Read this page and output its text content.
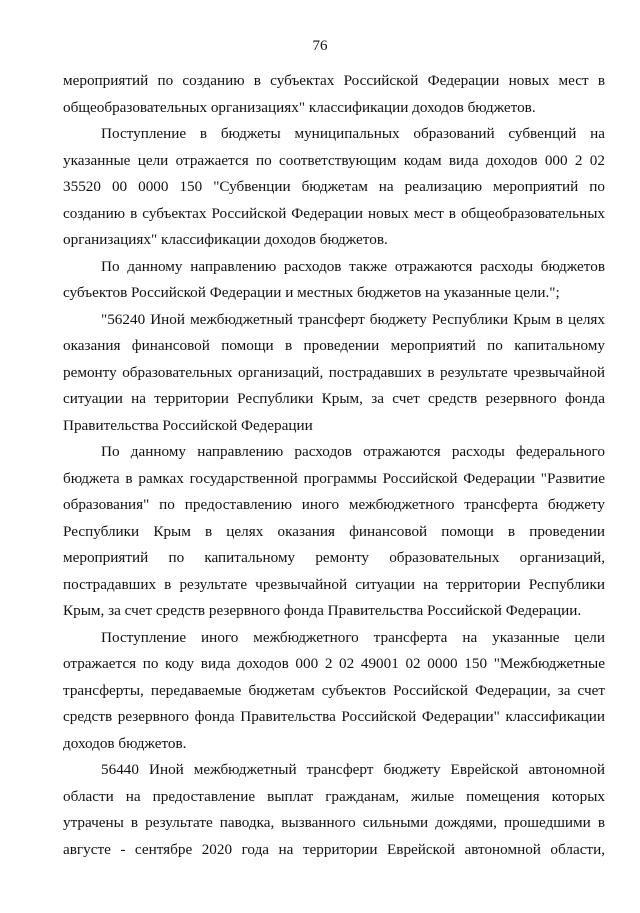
76

мероприятий по созданию в субъектах Российской Федерации новых мест в общеобразовательных организациях" классификации доходов бюджетов.

Поступление в бюджеты муниципальных образований субвенций на указанные цели отражается по соответствующим кодам вида доходов 000 2 02 35520 00 0000 150 "Субвенции бюджетам на реализацию мероприятий по созданию в субъектах Российской Федерации новых мест в общеобразовательных организациях" классификации доходов бюджетов.

По данному направлению расходов также отражаются расходы бюджетов субъектов Российской Федерации и местных бюджетов на указанные цели.";

"56240 Иной межбюджетный трансферт бюджету Республики Крым в целях оказания финансовой помощи в проведении мероприятий по капитальному ремонту образовательных организаций, пострадавших в результате чрезвычайной ситуации на территории Республики Крым, за счет средств резервного фонда Правительства Российской Федерации

По данному направлению расходов отражаются расходы федерального бюджета в рамках государственной программы Российской Федерации "Развитие образования" по предоставлению иного межбюджетного трансферта бюджету Республики Крым в целях оказания финансовой помощи в проведении мероприятий по капитальному ремонту образовательных организаций, пострадавших в результате чрезвычайной ситуации на территории Республики Крым, за счет средств резервного фонда Правительства Российской Федерации.

Поступление иного межбюджетного трансферта на указанные цели отражается по коду вида доходов 000 2 02 49001 02 0000 150 "Межбюджетные трансферты, передаваемые бюджетам субъектов Российской Федерации, за счет средств резервного фонда Правительства Российской Федерации" классификации доходов бюджетов.

56440 Иной межбюджетный трансферт бюджету Еврейской автономной области на предоставление выплат гражданам, жилые помещения которых утрачены в результате паводка, вызванного сильными дождями, прошедшими в августе - сентябре 2020 года на территории Еврейской автономной области,
